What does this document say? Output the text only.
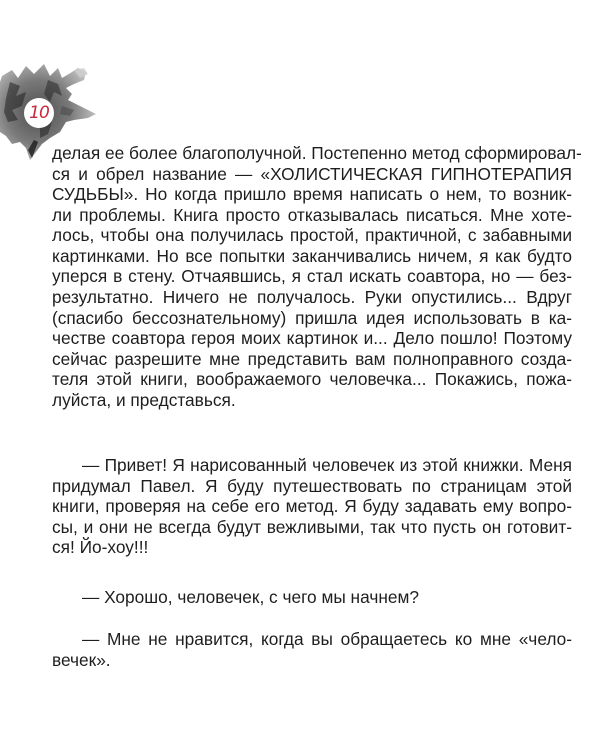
10
делая ее более благополучной. Постепенно метод сформировал-
ся и обрел название — «ХОЛИСТИЧЕСКАЯ ГИПНОТЕРАПИЯ
СУДЬБЫ». Но когда пришло время написать о нем, то возник-
ли проблемы. Книга просто отказывалась писаться. Мне хоте-
лось, чтобы она получилась простой, практичной, с забавными
картинками. Но все попытки заканчивались ничем, я как будто
уперся в стену. Отчаявшись, я стал искать соавтора, но — без-
результатно. Ничего не получалось. Руки опустились... Вдруг
(спасибо бессознательному) пришла идея использовать в ка-
честве соавтора героя моих картинок и... Дело пошло! Поэтому
сейчас разрешите мне представить вам полноправного созда-
теля этой книги, воображаемого человечка... Покажись, пожа-
луйста, и представься.
— Привет! Я нарисованный человечек из этой книжки. Меня
придумал Павел. Я буду путешествовать по страницам этой
книги, проверяя на себе его метод. Я буду задавать ему вопро-
сы, и они не всегда будут вежливыми, так что пусть он готовит-
ся! Йо-хоу!!!
— Хорошо, человечек, с чего мы начнем?
— Мне не нравится, когда вы обращаетесь ко мне «чело-
вечек».
